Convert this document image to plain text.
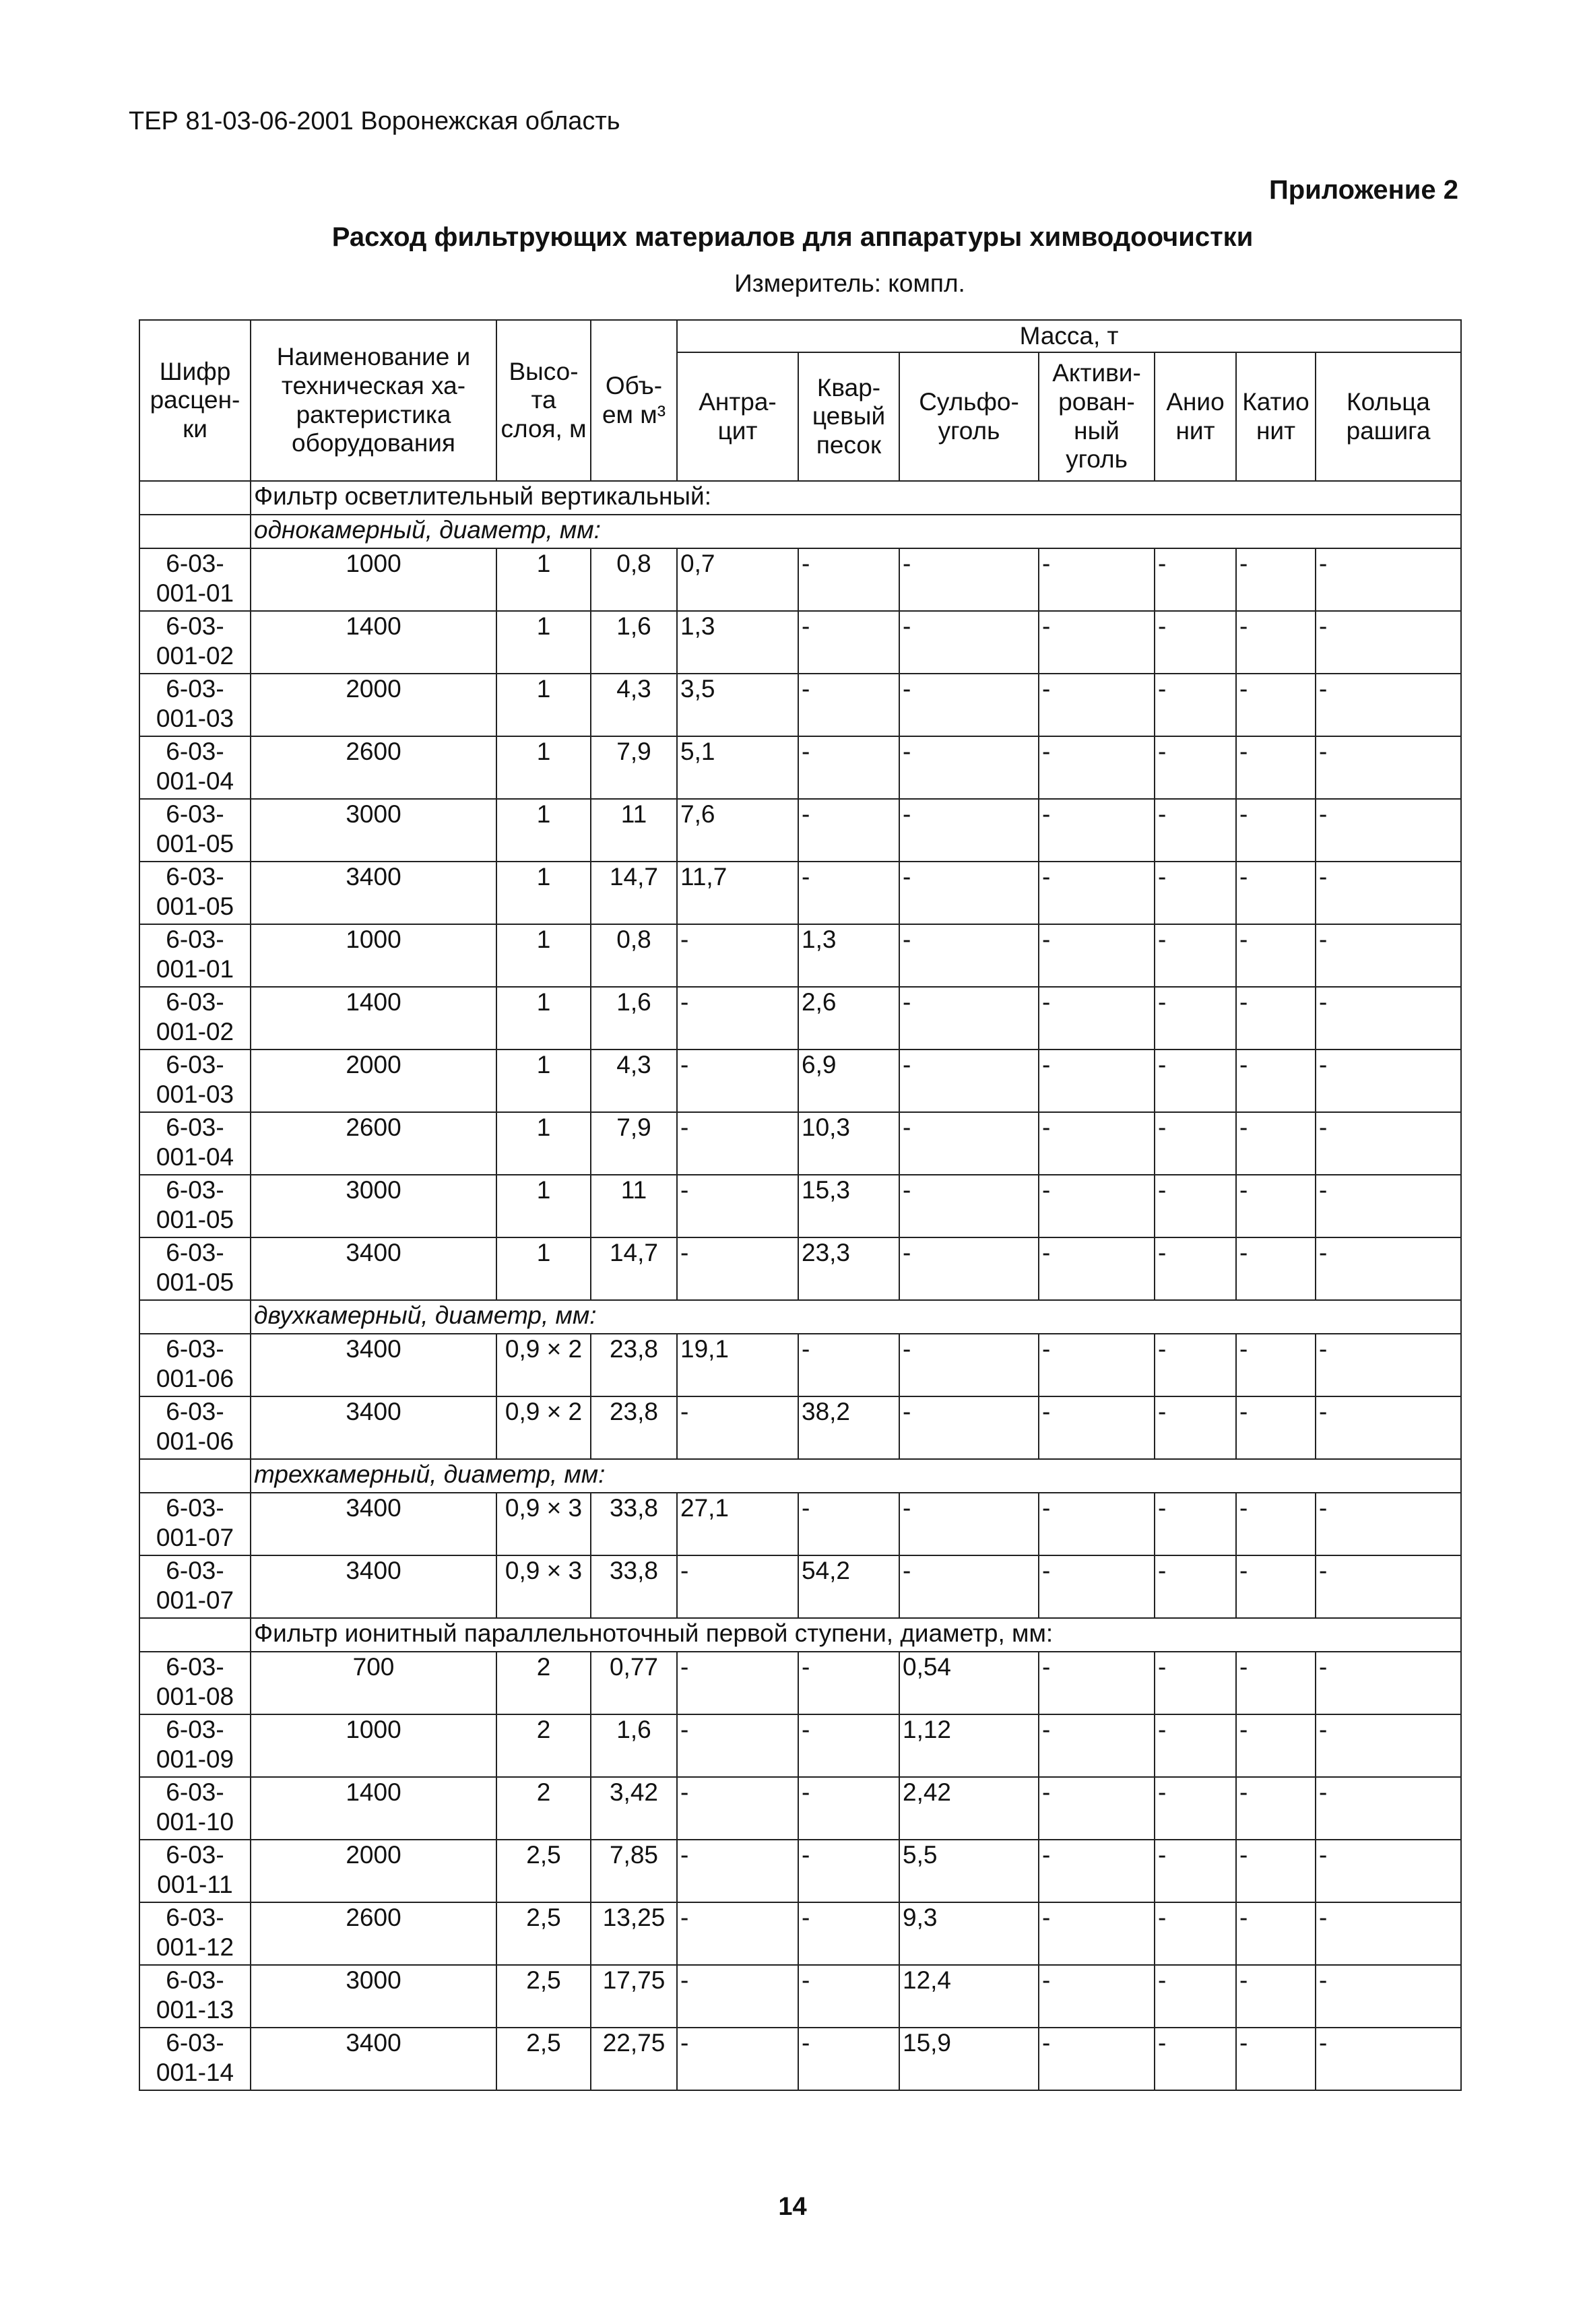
ТЕР 81-03-06-2001 Воронежская область
Приложение 2
Расход фильтрующих материалов для аппаратуры химводоочистки
Измеритель: компл.
Шифр расцен-ки	Наименование и техническая ха-рактеристика оборудования	Высо-та слоя, м	Объ-ем м³	Масса, т						
				Антра-цит	Квар-цевый песок	Сульфо-уголь	Активи-рован-ный уголь	Анио нит	Катио нит	Кольца рашига
	Фильтр осветлительный вертикальный:									
	однокамерный, диаметр, мм:									
6-03-001-01	1000	1	0,8	0,7	-	-	-	-	-	-
6-03-001-02	1400	1	1,6	1,3	-	-	-	-	-	-
6-03-001-03	2000	1	4,3	3,5	-	-	-	-	-	-
6-03-001-04	2600	1	7,9	5,1	-	-	-	-	-	-
6-03-001-05	3000	1	11	7,6	-	-	-	-	-	-
6-03-001-05	3400	1	14,7	11,7	-	-	-	-	-	-
6-03-001-01	1000	1	0,8	-	1,3	-	-	-	-	-
6-03-001-02	1400	1	1,6	-	2,6	-	-	-	-	-
6-03-001-03	2000	1	4,3	-	6,9	-	-	-	-	-
6-03-001-04	2600	1	7,9	-	10,3	-	-	-	-	-
6-03-001-05	3000	1	11	-	15,3	-	-	-	-	-
6-03-001-05	3400	1	14,7	-	23,3	-	-	-	-	-
	двухкамерный, диаметр, мм:									
6-03-001-06	3400	0,9 × 2	23,8	19,1	-	-	-	-	-	-
6-03-001-06	3400	0,9 × 2	23,8	-	38,2	-	-	-	-	-
	трехкамерный, диаметр, мм:									
6-03-001-07	3400	0,9 × 3	33,8	27,1	-	-	-	-	-	-
6-03-001-07	3400	0,9 × 3	33,8	-	54,2	-	-	-	-	-
	Фильтр ионитный параллельноточный первой ступени, диаметр, мм:									
6-03-001-08	700	2	0,77	-	-	0,54	-	-	-	-
6-03-001-09	1000	2	1,6	-	-	1,12	-	-	-	-
6-03-001-10	1400	2	3,42	-	-	2,42	-	-	-	-
6-03-001-11	2000	2,5	7,85	-	-	5,5	-	-	-	-
6-03-001-12	2600	2,5	13,25	-	-	9,3	-	-	-	-
6-03-001-13	3000	2,5	17,75	-	-	12,4	-	-	-	-
6-03-001-14	3400	2,5	22,75	-	-	15,9	-	-	-	-
14
